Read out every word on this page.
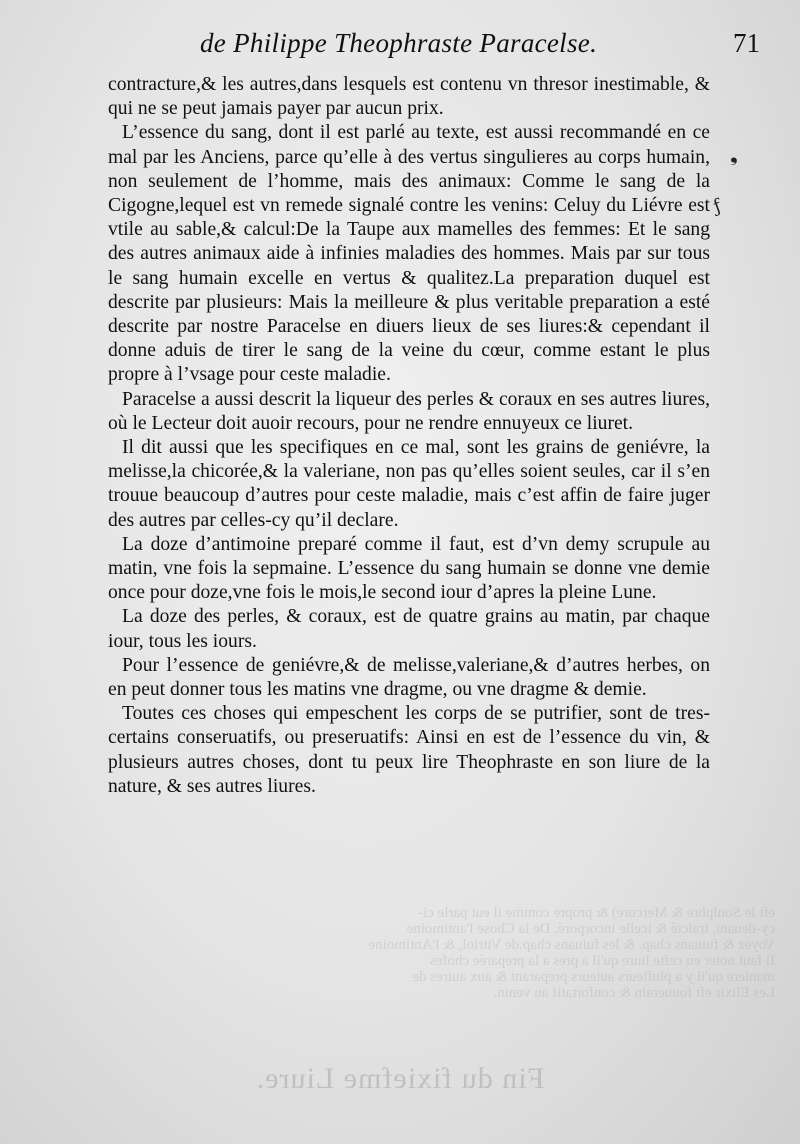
de Philippe Theophraste Paracelse.	71

contracture,& les autres,dans lesquels est contenu vn thresor inestimable, & qui ne se peut jamais payer par aucun prix.

L’essence du sang, dont il est parlé au texte, est aussi recommandé en ce mal par les Anciens, parce qu’elle à des vertus singulieres au corps humain, non seulement de l’homme, mais des animaux: Comme le sang de la Cigogne,lequel est vn remede signalé contre les venins: Celuy du Liévre est vtile au sable,& calcul:De la Taupe aux mamelles des femmes: Et le sang des autres animaux aide à infinies maladies des hommes. Mais par sur tous le sang humain excelle en vertus & qualitez.La preparation duquel est descrite par plusieurs: Mais la meilleure & plus veritable preparation a esté descrite par nostre Paracelse en diuers lieux de ses liures:& cependant il donne aduis de tirer le sang de la veine du cœur, comme estant le plus propre à l’vsage pour ceste maladie.

Paracelse a aussi descrit la liqueur des perles & coraux en ses autres liures, où le Lecteur doit auoir recours, pour ne rendre ennuyeux ce liuret.

Il dit aussi que les specifiques en ce mal, sont les grains de geniévre, la melisse,la chicorée,& la valeriane, non pas qu’elles soient seules, car il s’en trouue beaucoup d’autres pour ceste maladie, mais c’est affin de faire juger des autres par celles-cy qu’il declare.

La doze d’antimoine preparé comme il faut, est d’vn demy scrupule au matin, vne fois la sepmaine. L’essence du sang humain se donne vne demie once pour doze,vne fois le mois,le second iour d’apres la pleine Lune.

La doze des perles, & coraux, est de quatre grains au matin, par chaque iour, tous les iours.

Pour l’essence de geniévre,& de melisse,valeriane,& d’autres herbes, on en peut donner tous les matins vne dragme, ou vne dragme & demie.

Toutes ces choses qui empeschent les corps de se putrifier, sont de tres-certains conseruatifs, ou preseruatifs: Ainsi en est de l’essence du vin, & plusieurs autres choses, dont tu peux lire Theophraste en son liure de la nature, & ses autres liures.

❟
ƒ
eft le Soulphre & Mercure) & propre comme il eut parle ci-
cy-deuant, traicté & icelle incorporé. De la Chose l'antimoine
Voyez & fuiuans chap. & les fuiuans chap.de Vitriol, & l'Antimoine
Il faut noter en cefte liure qu'il a pres a la preparée chofes
maniere qu'il y a plufieurs auteurs preparant & aux autres de
Les Elixir eft fouuerain & confortatif au venin.
Fin du fixiefme Liure.
